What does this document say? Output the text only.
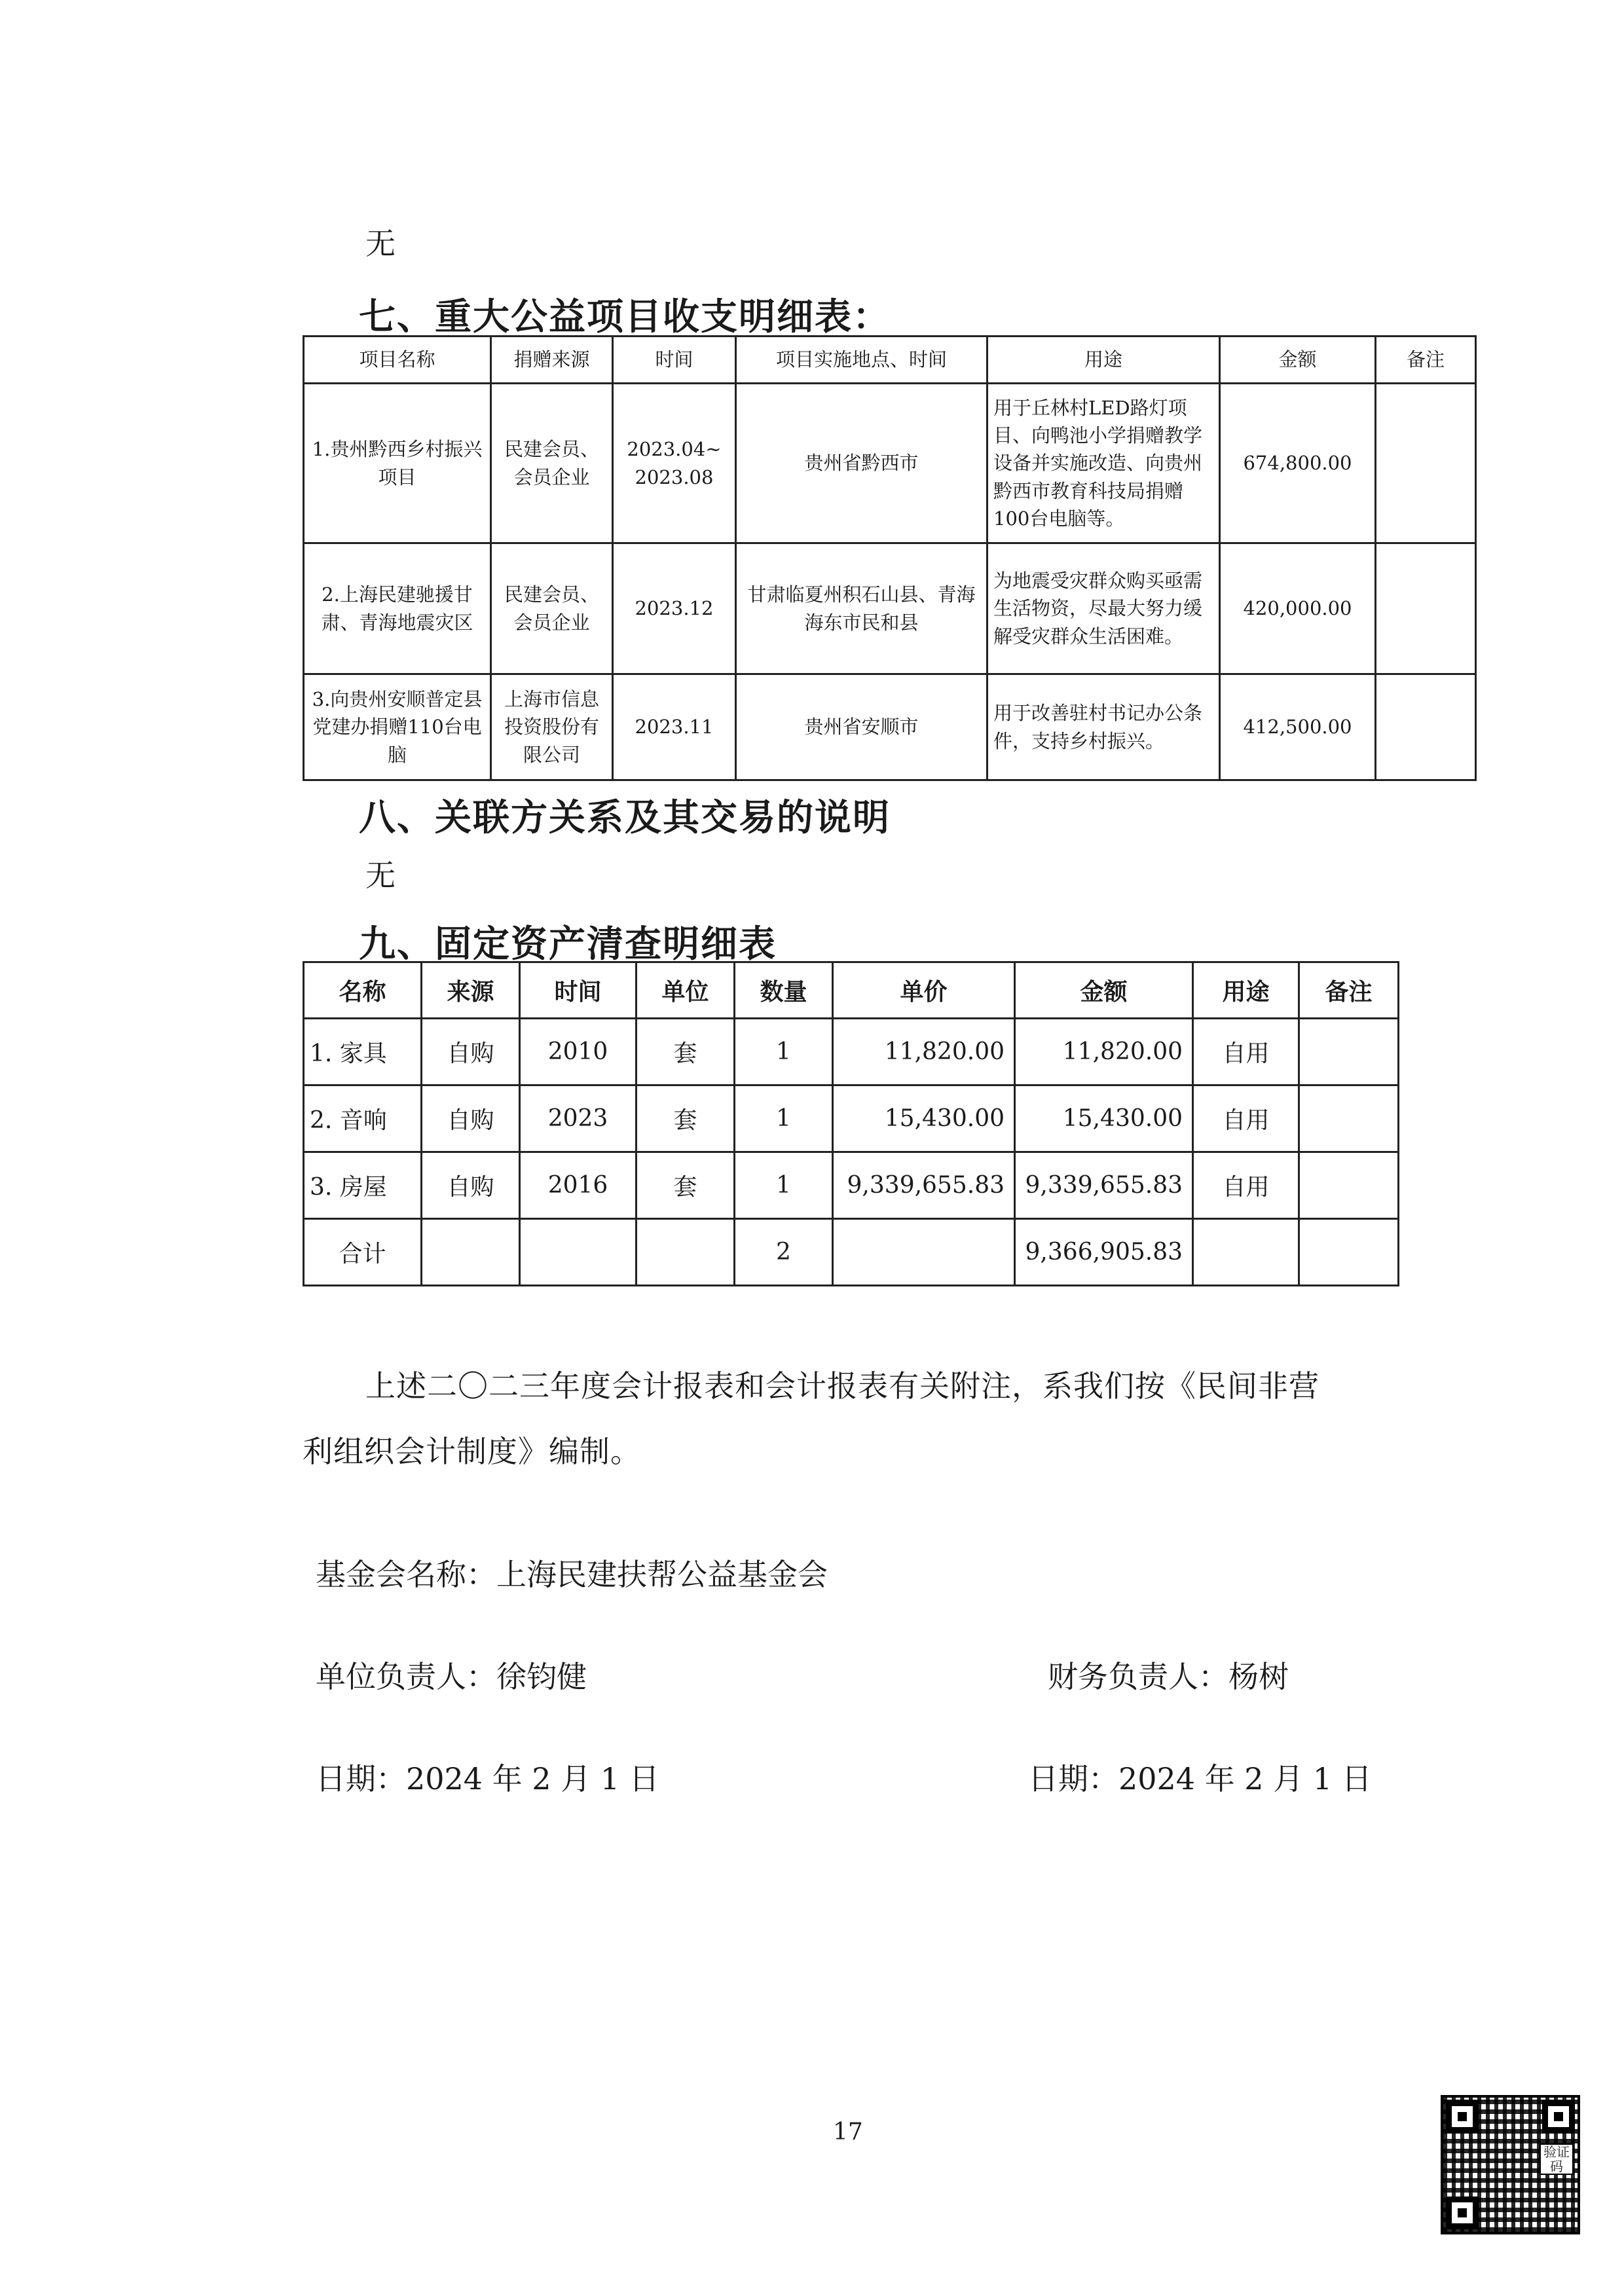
无
七、重大公益项目收支明细表：
项目名称	捐赠来源	时间	项目实施地点、时间	用途	金额	备注
1.贵州黔西乡村振兴项目	民建会员、会员企业	2023.04~ 2023.08	贵州省黔西市	用于丘林村LED路灯项目、向鸭池小学捐赠教学设备并实施改造、向贵州黔西市教育科技局捐赠100台电脑等。	674,800.00	
2.上海民建驰援甘肃、青海地震灾区	民建会员、会员企业	2023.12	甘肃临夏州积石山县、青海海东市民和县	为地震受灾群众购买亟需生活物资，尽最大努力缓解受灾群众生活困难。	420,000.00	
3.向贵州安顺普定县党建办捐赠110台电脑	上海市信息投资股份有限公司	2023.11	贵州省安顺市	用于改善驻村书记办公条件，支持乡村振兴。	412,500.00	
八、关联方关系及其交易的说明
无
九、固定资产清查明细表
名称	来源	时间	单位	数量	单价	金额	用途	备注
1. 家具	自购	2010	套	1	11,820.00	11,820.00	自用	
2. 音响	自购	2023	套	1	15,430.00	15,430.00	自用	
3. 房屋	自购	2016	套	1	9,339,655.83	9,339,655.83	自用	
合计				2		9,366,905.83		
上述二〇二三年度会计报表和会计报表有关附注，系我们按《民间非营
利组织会计制度》编制。
基金会名称：上海民建扶帮公益基金会
单位负责人：徐钧健	财务负责人：杨树
日期：2024 年 2 月 1 日	日期：2024 年 2 月 1 日
17
验证 码
